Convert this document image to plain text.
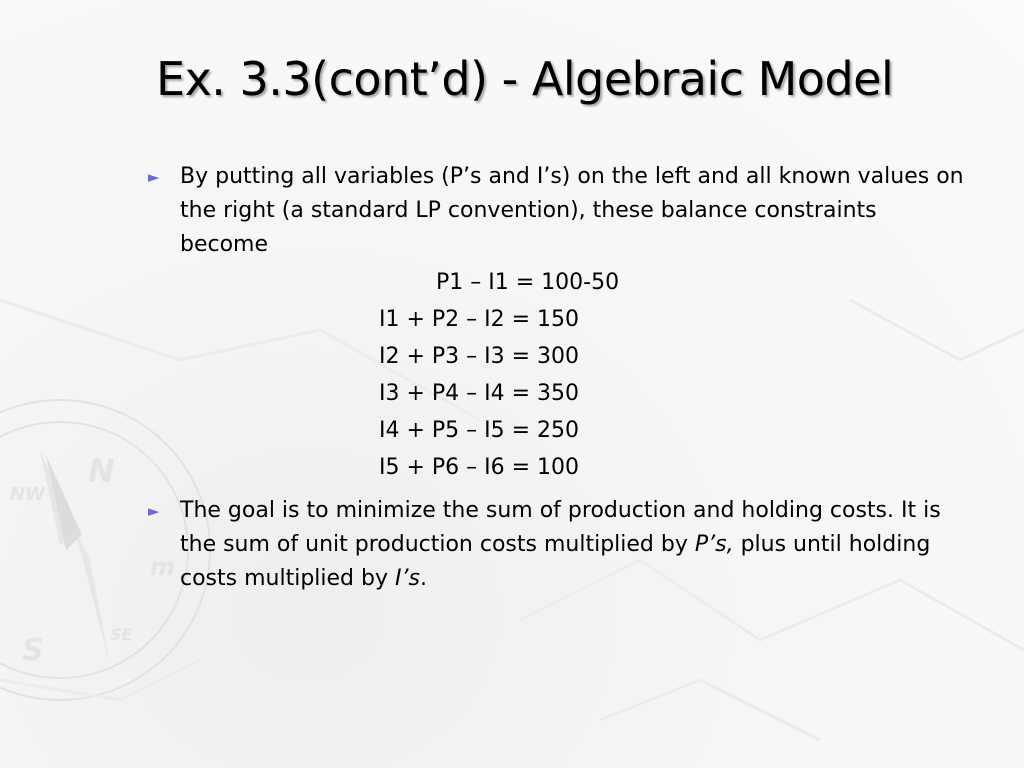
N
S
NW
m
SE
Ex. 3.3(cont’d) - Algebraic Model
► By putting all variables (P’s and I’s) on the left and all known values on the right (a standard LP convention), these balance constraints become
P1 – I1 = 100-50
I1 + P2 – I2 = 150
I2 + P3 – I3 = 300
I3 + P4 – I4 = 350
I4 + P5 – I5 = 250
I5 + P6 – I6 = 100
► The goal is to minimize the sum of production and holding costs. It is the sum of unit production costs multiplied by P’s, plus until holding costs multiplied by I’s.
